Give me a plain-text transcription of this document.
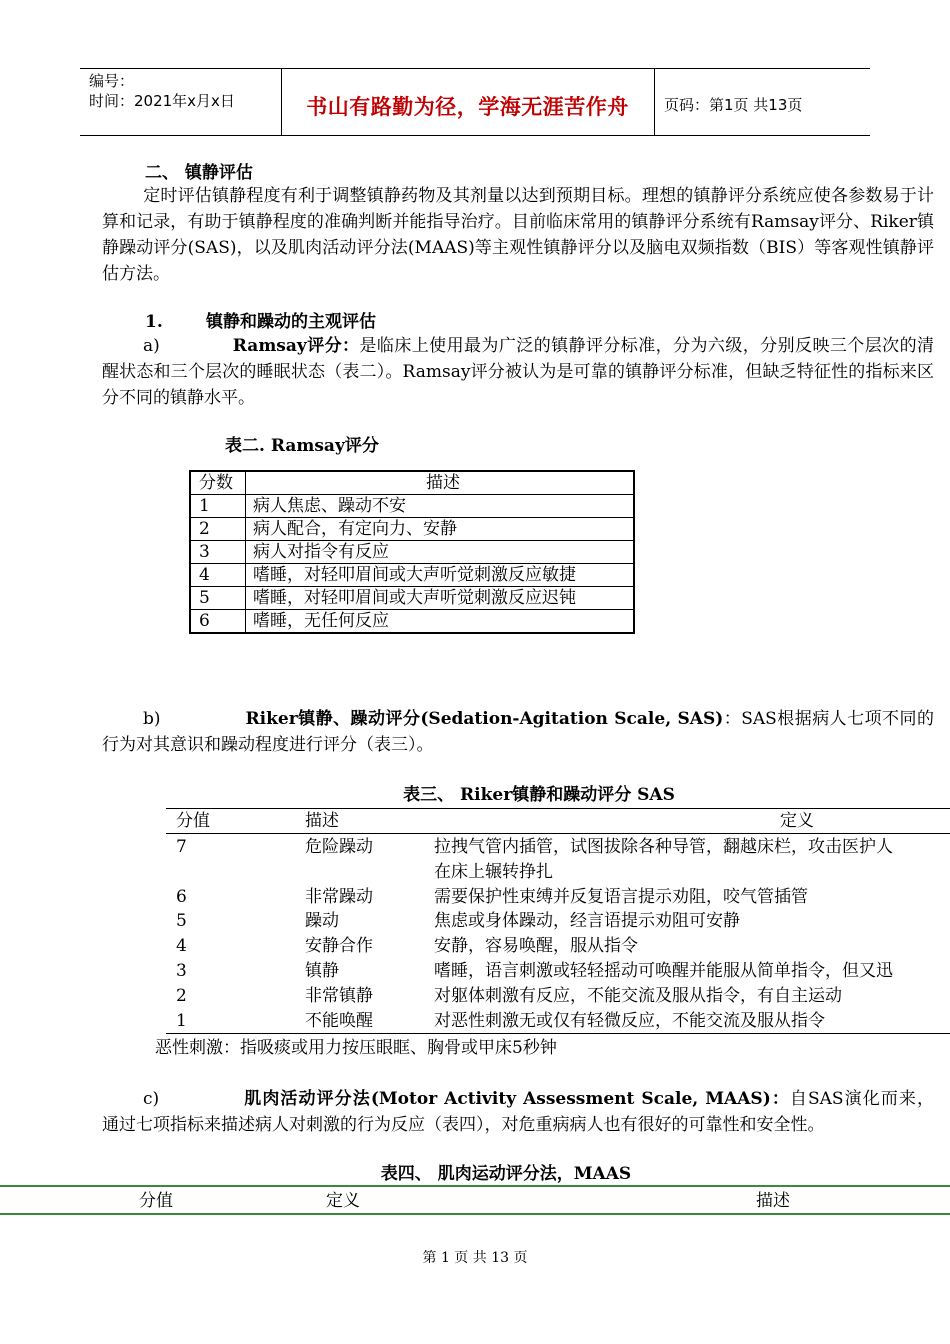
编号：
时间：2021年x月x日	书山有路勤为径，学海无涯苦作舟	页码：第1页 共13页
二、 镇静评估
定时评估镇静程度有利于调整镇静药物及其剂量以达到预期目标。理想的镇静评分系统应使各参数易于计算和记录，有助于镇静程度的准确判断并能指导治疗。目前临床常用的镇静评分系统有Ramsay评分、Riker镇静躁动评分(SAS)，以及肌肉活动评分法(MAAS)等主观性镇静评分以及脑电双频指数（BIS）等客观性镇静评估方法。
1.	镇静和躁动的主观评估
a)	Ramsay评分：是临床上使用最为广泛的镇静评分标准，分为六级，分别反映三个层次的清醒状态和三个层次的睡眠状态（表二）。Ramsay评分被认为是可靠的镇静评分标准，但缺乏特征性的指标来区分不同的镇静水平。
表二. Ramsay评分
分数	描述
1	病人焦虑、躁动不安
2	病人配合，有定向力、安静
3	病人对指令有反应
4	嗜睡，对轻叩眉间或大声听觉刺激反应敏捷
5	嗜睡，对轻叩眉间或大声听觉刺激反应迟钝
6	嗜睡，无任何反应
b)	Riker镇静、躁动评分(Sedation-Agitation Scale, SAS)：SAS根据病人七项不同的行为对其意识和躁动程度进行评分（表三）。
表三、 Riker镇静和躁动评分 SAS
分值	描述	定义
7	危险躁动	拉拽气管内插管，试图拔除各种导管，翻越床栏，攻击医护人
在床上辗转挣扎
6	非常躁动	需要保护性束缚并反复语言提示劝阻，咬气管插管
5	躁动	焦虑或身体躁动，经言语提示劝阻可安静
4	安静合作	安静，容易唤醒，服从指令
3	镇静	嗜睡，语言刺激或轻轻摇动可唤醒并能服从简单指令，但又迅
2	非常镇静	对躯体刺激有反应，不能交流及服从指令，有自主运动
1	不能唤醒	对恶性刺激无或仅有轻微反应，不能交流及服从指令
恶性刺激：指吸痰或用力按压眼眶、胸骨或甲床5秒钟
c)	肌肉活动评分法(Motor Activity Assessment Scale, MAAS)：自SAS演化而来， 通过七项指标来描述病人对刺激的行为反应（表四），对危重病病人也有很好的可靠性和安全性。
表四、 肌肉运动评分法，MAAS
分值	定义	描述
第 1 页 共 13 页
